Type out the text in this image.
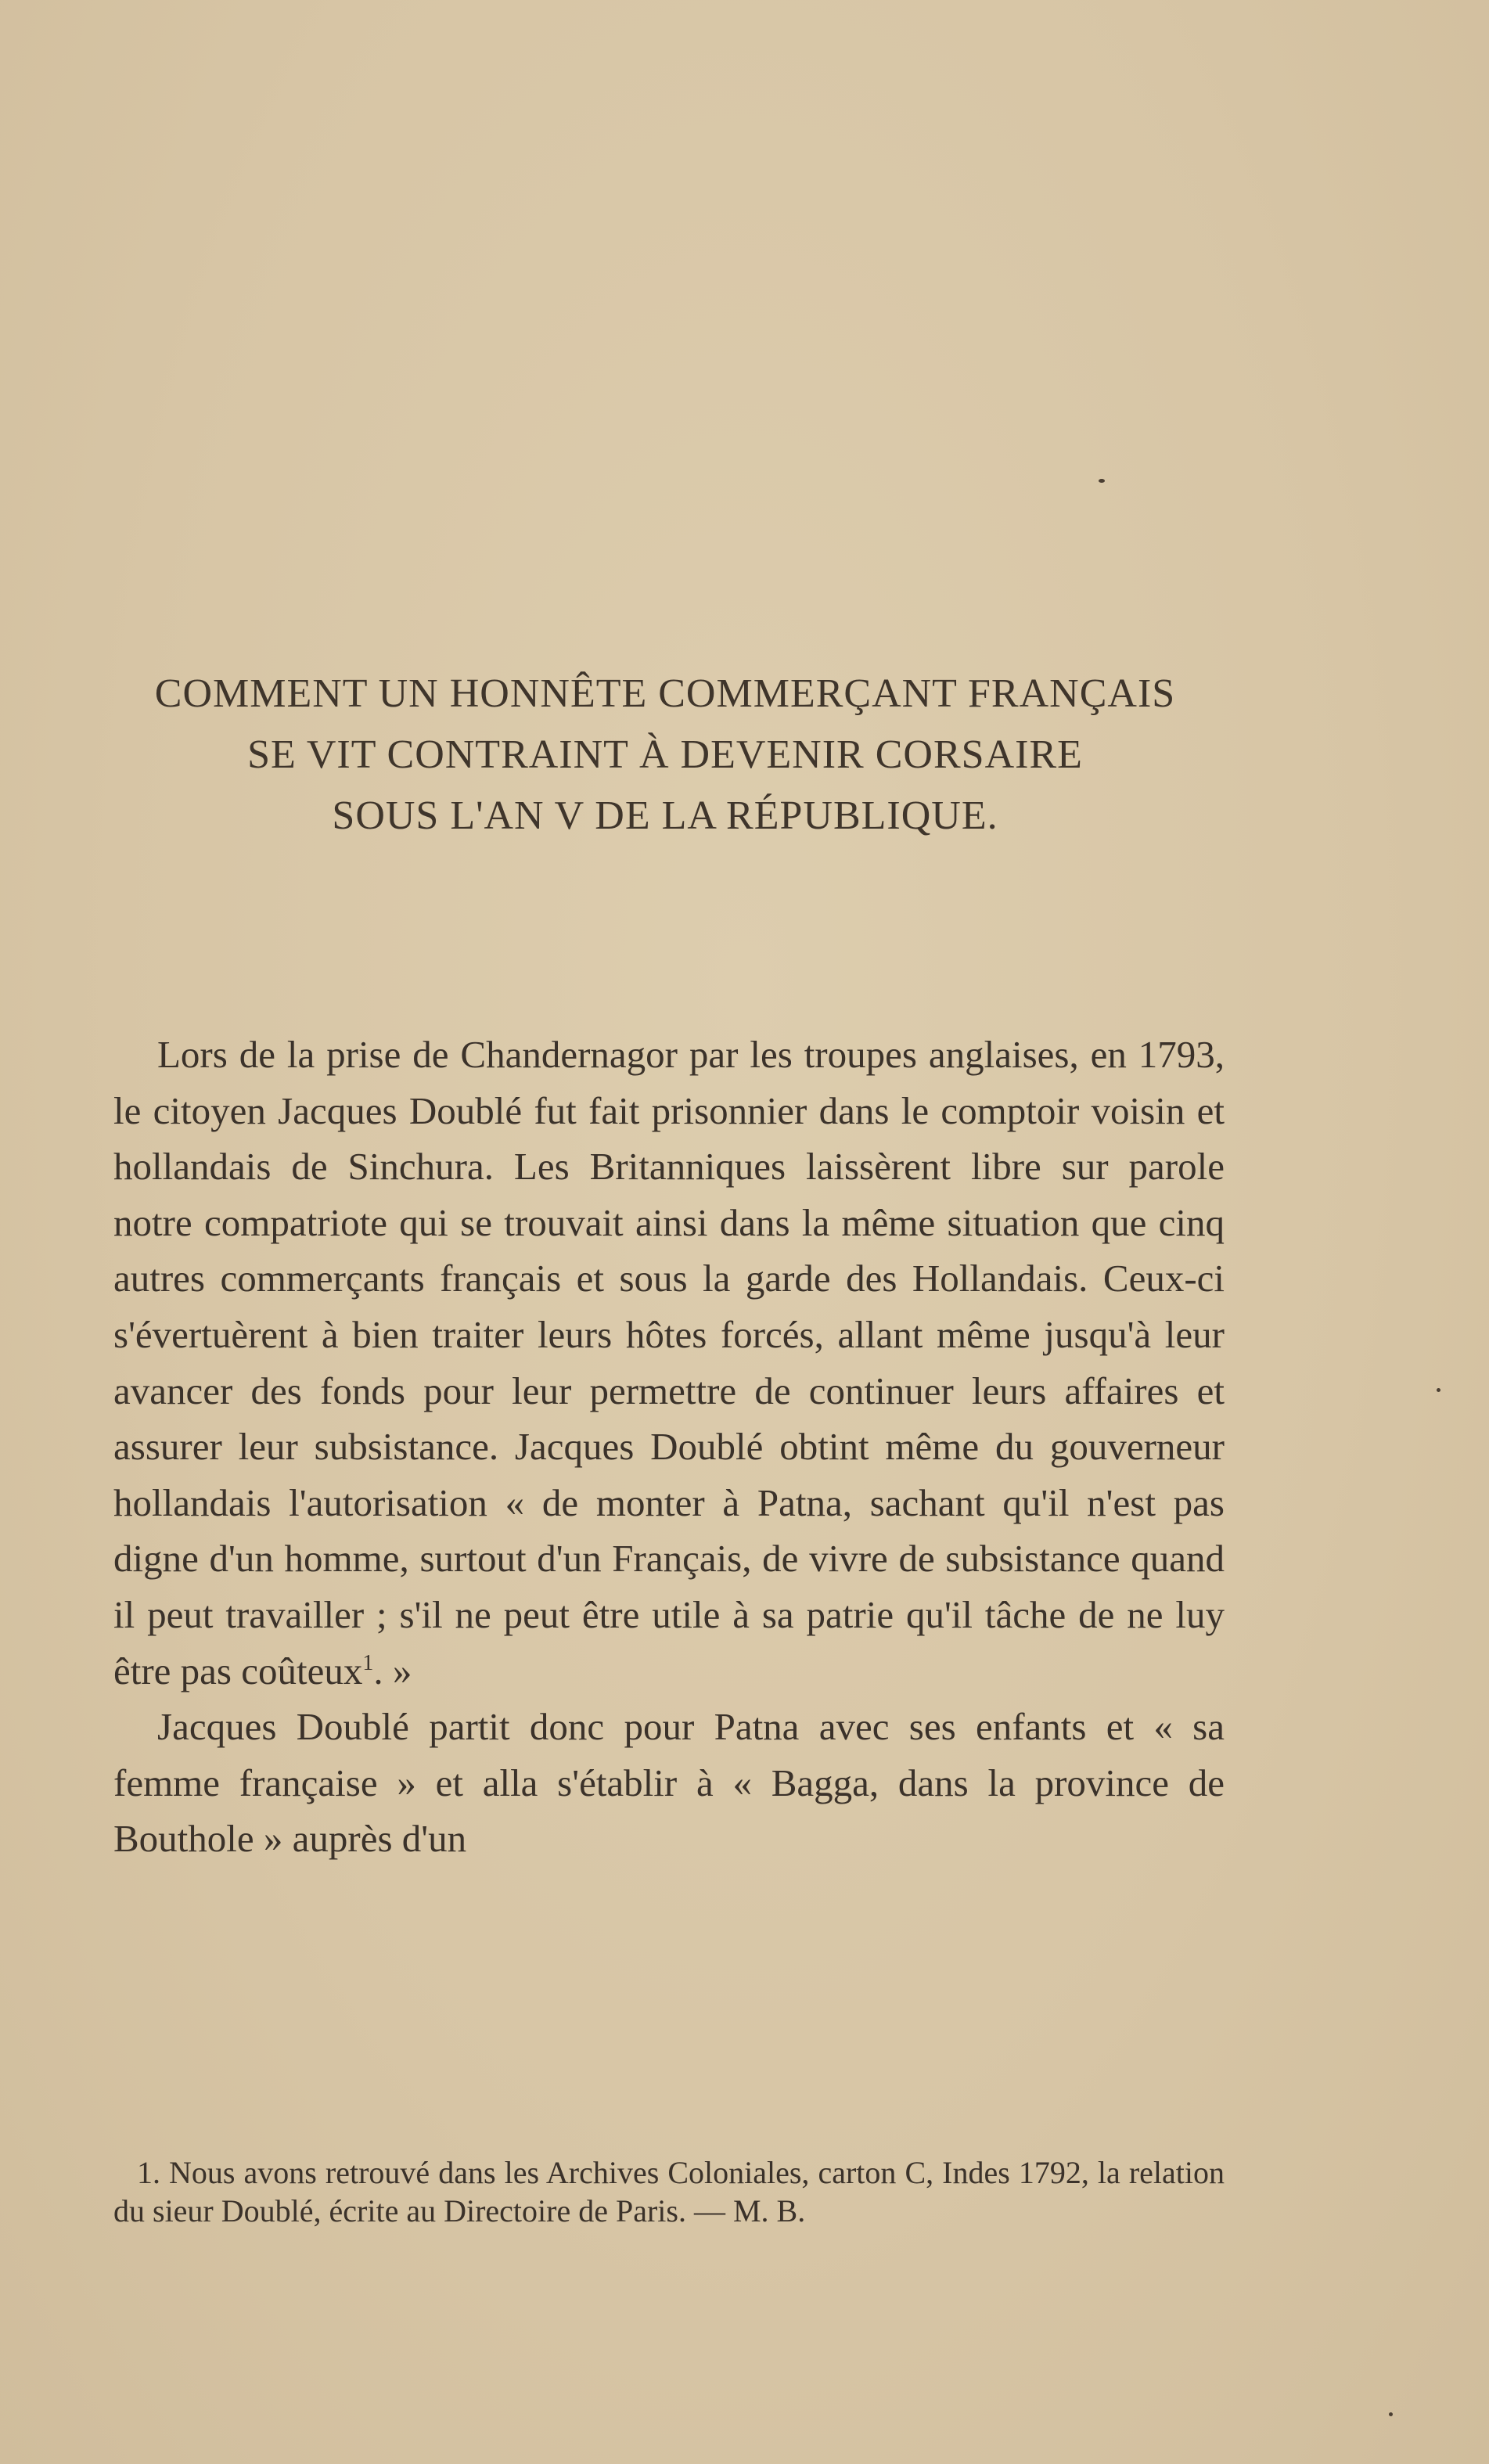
COMMENT UN HONNÊTE COMMERÇANT FRANÇAIS
SE VIT CONTRAINT À DEVENIR CORSAIRE
SOUS L'AN V DE LA RÉPUBLIQUE.

Lors de la prise de Chandernagor par les troupes anglaises, en 1793, le citoyen Jacques Doublé fut fait prisonnier dans le comptoir voisin et hollandais de Sinchura. Les Britanniques laissèrent libre sur parole notre compatriote qui se trouvait ainsi dans la même situation que cinq autres commerçants français et sous la garde des Hollandais. Ceux-ci s'évertuèrent à bien traiter leurs hôtes forcés, allant même jusqu'à leur avancer des fonds pour leur permettre de continuer leurs affaires et assurer leur subsistance. Jacques Doublé obtint même du gouverneur hollandais l'autorisation « de monter à Patna, sachant qu'il n'est pas digne d'un homme, surtout d'un Français, de vivre de subsistance quand il peut travailler ; s'il ne peut être utile à sa patrie qu'il tâche de ne luy être pas coûteux$^1$. »

Jacques Doublé partit donc pour Patna avec ses enfants et « sa femme française » et alla s'établir à « Bagga, dans la province de Bouthole » auprès d'un

1. Nous avons retrouvé dans les Archives Coloniales, carton C, Indes 1792, la relation du sieur Doublé, écrite au Directoire de Paris. — M. B.
